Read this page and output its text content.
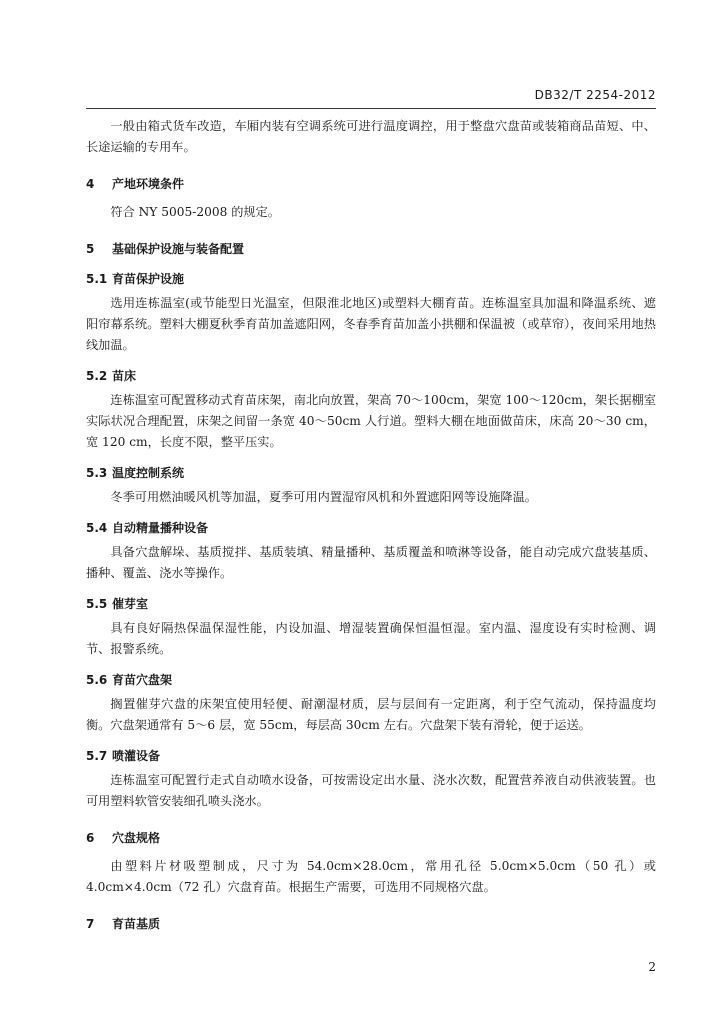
DB32/T 2254-2012

一般由箱式货车改造，车厢内装有空调系统可进行温度调控，用于整盘穴盘苗或装箱商品苗短、中、长途运输的专用车。

4 产地环境条件

符合 NY 5005-2008 的规定。

5 基础保护设施与装备配置
5.1 育苗保护设施

选用连栋温室(或节能型日光温室，但限淮北地区)或塑料大棚育苗。连栋温室具加温和降温系统、遮阳帘幕系统。塑料大棚夏秋季育苗加盖遮阳网，冬春季育苗加盖小拱棚和保温被（或草帘），夜间采用地热线加温。

5.2 苗床

连栋温室可配置移动式育苗床架，南北向放置，架高 70～100cm，架宽 100～120cm，架长据棚室实际状况合理配置，床架之间留一条宽 40～50cm 人行道。塑料大棚在地面做苗床，床高 20～30 cm，宽 120 cm，长度不限，整平压实。

5.3 温度控制系统

冬季可用燃油暖风机等加温，夏季可用内置湿帘风机和外置遮阳网等设施降温。

5.4 自动精量播种设备

具备穴盘解垛、基质搅拌、基质装填、精量播种、基质覆盖和喷淋等设备，能自动完成穴盘装基质、播种、覆盖、浇水等操作。

5.5 催芽室

具有良好隔热保温保湿性能，内设加温、增湿装置确保恒温恒湿。室内温、湿度设有实时检测、调节、报警系统。

5.6 育苗穴盘架

搁置催芽穴盘的床架宜使用轻便、耐潮湿材质，层与层间有一定距离，利于空气流动，保持温度均衡。穴盘架通常有 5～6 层，宽 55cm，每层高 30cm 左右。穴盘架下装有滑轮，便于运送。

5.7 喷灌设备

连栋温室可配置行走式自动喷水设备，可按需设定出水量、浇水次数，配置营养液自动供液装置。也可用塑料软管安装细孔喷头浇水。

6 穴盘规格

由塑料片材吸塑制成，尺寸为 54.0cm×28.0cm，常用孔径 5.0cm×5.0cm（50 孔）或 4.0cm×4.0cm（72 孔）穴盘育苗。根据生产需要，可选用不同规格穴盘。

7 育苗基质
2
